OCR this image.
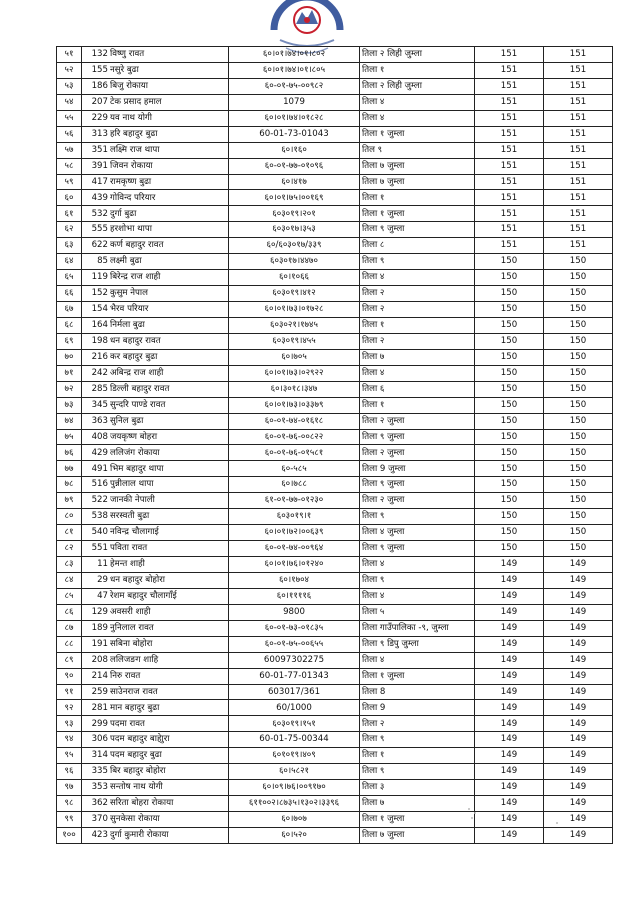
५१	132	विष्णु रावत	६०।०१।७४।०१।८०२	तिला २ लिही जुम्ला	151	151
५२	155	नसुरे बुढा	६०।०१।७४।०१।८०५	तिला १	151	151
५३	186	बिजु रोकाया	६०-०१-७५-००९८२	तिला २ लिही जुम्ला	151	151
५४	207	टेक प्रसाद हमाल	1079	तिला ४	151	151
५५	229	यव नाथ योगी	६०।०१।७४।०१८२८	तिला ४	151	151
५६	313	हरि बहादुर बुढा	60-01-73-01043	तिला १ जुम्ला	151	151
५७	351	लक्ष्मि राज थापा	६०।१६०	तिल ९	151	151
५८	391	जिवन रोकाया	६०-०१-७७-०१०९६	तिला ७ जुम्ला	151	151
५९	417	रामकृष्ण बुढा	६०।४१७	तिला ७ जुम्ला	151	151
६०	439	गोविन्द परियार	६०।०१।७५।००१६९	तिला १	151	151
६१	532	दुर्गा बुढा	६०३०१९।२०१	तिला १ जुम्ला	151	151
६२	555	हरशोभा थापा	६०३०१७।३५३	तिला ९ जुम्ला	151	151
६३	622	कर्ण बहादुर रावत	६०/६०३०१७/३३९	तिला ८	151	151
६४	85	लक्ष्मी बुढा	६०३०१७।४४७०	तिला ९	150	150
६५	119	बिरेन्द्र राज शाही	६०।१०६६	तिला ४	150	150
६६	152	कुसुम नेपाल	६०३०१९।४१२	तिला २	150	150
६७	154	भैरव परियार	६०।०१।७३।०१७२८	तिला २	150	150
६८	164	निर्मला बुढा	६०३०२१।१७४५	तिला १	150	150
६९	198	धन बहादुर रावत	६०३०१९।४५५	तिला २	150	150
७०	216	कर बहादुर बुढा	६०।७०५	तिला ७	150	150
७१	242	अबिन्द्र राज शाही	६०।०१।७३।०२९२२	तिला ४	150	150
७२	285	डिल्ली बहादुर रावत	६०।३०१८।३४७	तिला ६	150	150
७३	345	सुन्दरि पाण्डे रावत	६०।०१।७३।०३३७९	तिला १	150	150
७४	363	सुनिल बुढा	६०-०१-७४-०१६१८	तिला २ जुम्ला	150	150
७५	408	जयकृष्ण बोहरा	६०-०१-७६-००८२२	तिला ९ जुम्ला	150	150
७६	429	ललिजंग राेकाया	६०-०१-७६-०१५८१	तिला २ जुम्ला	150	150
७७	491	भिम बहादुर थापा	६०-५८५	तिला 9 जुम्ला	150	150
७८	516	पुन्नीलाल थापा	६०।७८८	तिला ९ जुम्ला	150	150
७९	522	जानकी नेपाली	६१-०१-७७-०१२३०	तिला २ जुम्ला	150	150
८०	538	सरस्वती बुढा	६०३०१९।१	तिला ९	150	150
८१	540	नविन्द्र चौलागाई	६०।०१।७२।००६३९	तिला ४ जुम्ला	150	150
८२	551	पविता रावत	६०-०१-७४-००९६४	तिला ९ जुम्ला	150	150
८३	11	हेमन्त शाही	६०।०१।७६।०१२४०	तिला ४	149	149
८४	29	धन बहादुर बोहोरा	६०।१७०४	तिला ९	149	149
८५	47	रेशम बहादुर चौलागाँई	६०।११११६	तिला ४	149	149
८६	129	अवसरी शाही	9800	तिला ५	149	149
८७	189	नुनिलाल रावत	६०-०१-७३-०१८३५	तिला गाउँपालिका -९, जुम्ला	149	149
८८	191	सबिना बोहोरा	६०-०१-७५-००६५५	तिला ९ डिपु जुम्ला	149	149
८९	208	ललिजङग शाहि	60097302275	तिला ४	149	149
९०	214	निरु रावत	60-01-77-01343	तिला १ जुम्ला	149	149
९१	259	साउेनराज रावत	603017/361	तिला 8	149	149
९२	281	मान बहादुर बुढा	60/1000	तिला 9	149	149
९३	299	पदमा रावत	६०३०१९।१५१	तिला २	149	149
९४	306	पदम बहादुर बाहेाुरा	60-01-75-00344	तिला ९	149	149
९५	314	पदम बहादुर बुढा	६०१०१९।४०९	तिला १	149	149
९६	335	बिर बहादुर बोहोरा	६०।५८२१	तिला ९	149	149
९७	353	सन्तोष नाथ योगी	६०।०९।७६।००९१७०	तिला ३	149	149
९८	362	सरिता बोहरा रोकाया	६११००२।८७३५।१३०२।३३९६	तिला ७	149	149
९९	370	सुनकेसा रोकाया	६०।७०७	तिला १ जुम्ला	149	149
१००	423	दुर्गा कुमारी रोकाया	६०।५२०	तिला ७ जुम्ला	149	149
